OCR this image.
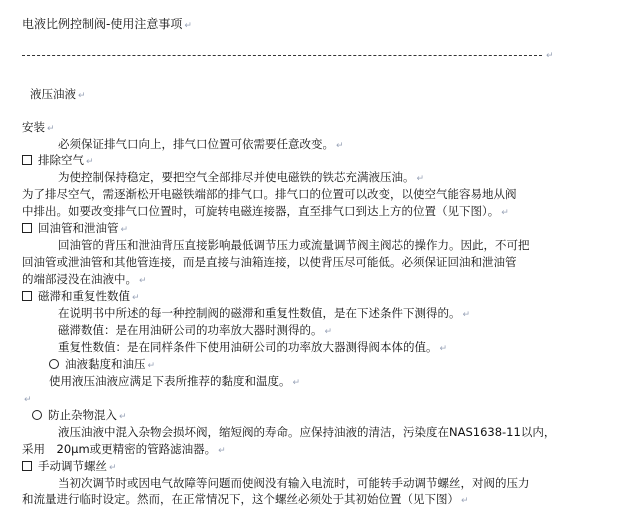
电液比例控制阀-使用注意事项 ↵
↵
液压油液 ↵
安装 ↵
必须保证排气口向上，排气口位置可依需要任意改变。 ↵
排除空气 ↵
为使控制保持稳定，要把空气全部排尽并使电磁铁的铁芯充满液压油。 ↵
为了排尽空气，需逐渐松开电磁铁端部的排气口。排气口的位置可以改变，以使空气能容易地从阀
中排出。如要改变排气口位置时，可旋转电磁连接器，直至排气口到达上方的位置（见下图）。 ↵
回油管和泄油管 ↵
回油管的背压和泄油背压直接影响最低调节压力或流量调节阀主阀芯的操作力。因此，不可把
回油管或泄油管和其他管连接，而是直接与油箱连接，以使背压尽可能低。必须保证回油和泄油管
的端部浸没在油液中。 ↵
磁滞和重复性数值 ↵
在说明书中所述的每一种控制阀的磁滞和重复性数值，是在下述条件下测得的。 ↵
磁滞数值：是在用油研公司的功率放大器时测得的。 ↵
重复性数值：是在同样条件下使用油研公司的功率放大器测得阀本体的值。 ↵
油液黏度和油压 ↵
使用液压油液应满足下表所推荐的黏度和温度。 ↵
↵
防止杂物混入 ↵
液压油液中混入杂物会损坏阀，缩短阀的寿命。应保持油液的清洁，污染度在NAS1638-11以内，
采用　20μm或更精密的管路滤油器。 ↵
手动调节螺丝 ↵
当初次调节时或因电气故障等问题而使阀没有输入电流时，可能转手动调节螺丝，对阀的压力
和流量进行临时设定。然而，在正常情况下，这个螺丝必须处于其初始位置（见下图） ↵
